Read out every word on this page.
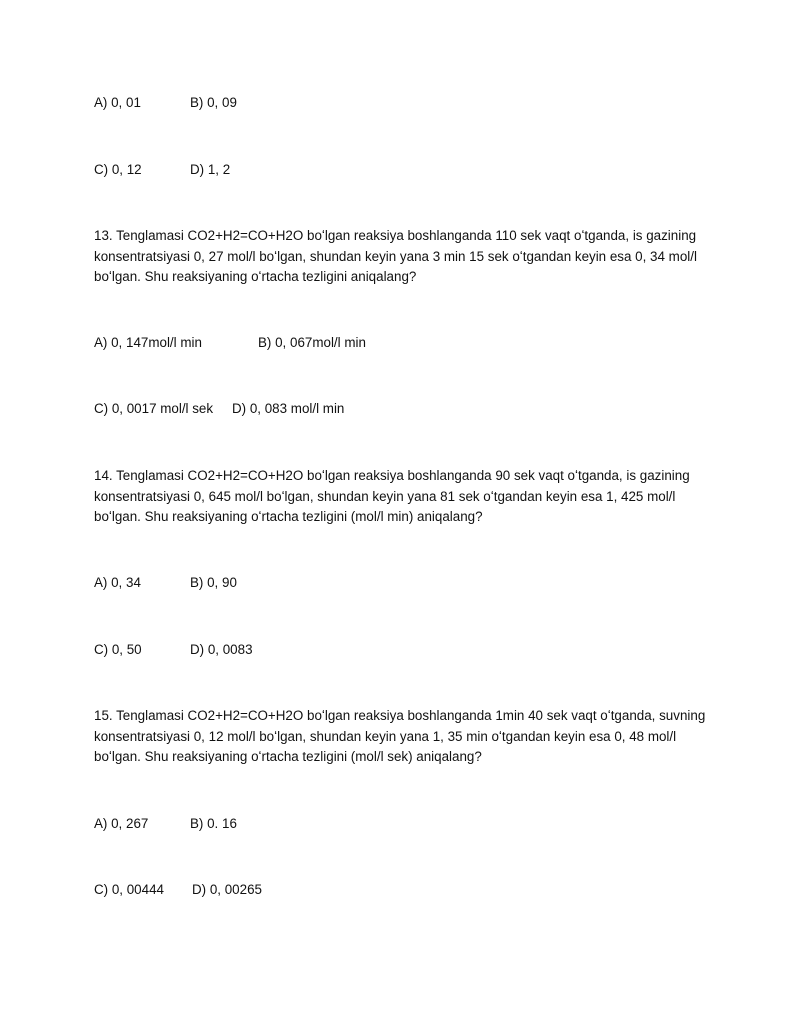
A) 0, 01	B) 0, 09
C) 0, 12	D) 1, 2
13. Tenglamasi CO2+H2=CO+H2O boʻlgan reaksiya boshlanganda 110 sek vaqt oʻtganda, is gazining
konsentratsiyasi 0, 27 mol/l boʻlgan, shundan keyin yana 3 min 15 sek oʻtgandan keyin esa 0, 34 mol/l
boʻlgan. Shu reaksiyaning oʻrtacha tezligini aniqalang?
A) 0, 147mol/l min	B) 0, 067mol/l min
C) 0, 0017 mol/l sek D) 0, 083 mol/l min
14. Tenglamasi CO2+H2=CO+H2O boʻlgan reaksiya boshlanganda 90 sek vaqt oʻtganda, is gazining
konsentratsiyasi 0, 645 mol/l boʻlgan, shundan keyin yana 81 sek oʻtgandan keyin esa 1, 425 mol/l
boʻlgan. Shu reaksiyaning oʻrtacha tezligini (mol/l min) aniqalang?
A) 0, 34	B) 0, 90
C) 0, 50	D) 0, 0083
15. Tenglamasi CO2+H2=CO+H2O boʻlgan reaksiya boshlanganda 1min 40 sek vaqt oʻtganda, suvning
konsentratsiyasi 0, 12 mol/l boʻlgan, shundan keyin yana 1, 35 min oʻtgandan keyin esa 0, 48 mol/l
boʻlgan. Shu reaksiyaning oʻrtacha tezligini (mol/l sek) aniqalang?
A) 0, 267	B) 0. 16
C) 0, 00444 D) 0, 00265
